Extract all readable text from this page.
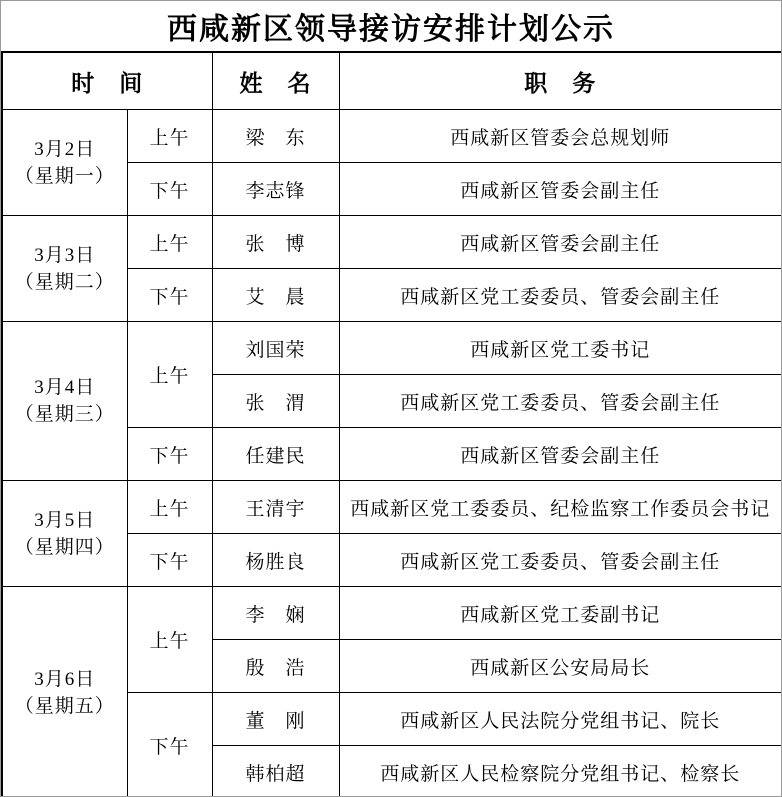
西咸新区领导接访安排计划公示
时　间		姓　名	职　务

3月2日
（星期一）	上午	梁　东	西咸新区管委会总规划师
	下午	李志锋	西咸新区管委会副主任

3月3日
（星期二）	上午	张　博	西咸新区管委会副主任
	下午	艾　晨	西咸新区党工委委员、管委会副主任

3月4日
（星期三）	上午	刘国荣	西咸新区党工委书记
		张　渭	西咸新区党工委委员、管委会副主任
	下午	任建民	西咸新区管委会副主任

3月5日
（星期四）	上午	王清宇	西咸新区党工委委员、纪检监察工作委员会书记
	下午	杨胜良	西咸新区党工委委员、管委会副主任

3月6日
（星期五）	上午	李　娴	西咸新区党工委副书记
		殷　浩	西咸新区公安局局长
	下午	董　刚	西咸新区人民法院分党组书记、院长
		韩柏超	西咸新区人民检察院分党组书记、检察长
